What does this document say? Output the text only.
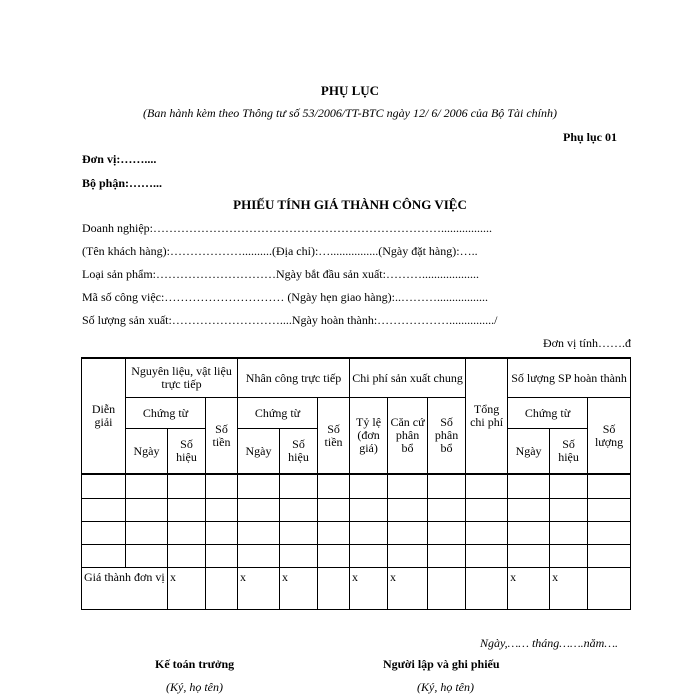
PHỤ LỤC
(Ban hành kèm theo Thông tư số 53/2006/TT-BTC ngày 12/ 6/ 2006 của Bộ Tài chính)
Phụ lục 01
Đơn vị:……....
Bộ phận:……...
PHIẾU TÍNH GIÁ THÀNH CÔNG VIỆC
Doanh nghiệp:……………………………………………………………….................
(Tên khách hàng):………………..........(Địa chỉ):…................(Ngày đặt hàng):…..
Loại sản phẩm:…………………………Ngày bắt đầu sản xuất:………...................
Mã số công việc:………………………… (Ngày hẹn giao hàng):..……….................
Số lượng sản xuất:………………………....Ngày hoàn thành:……………….............../
Đơn vị tính…….đ
Diễn giải	Nguyên liệu, vật liệu trực tiếp			Nhân công trực tiếp			Chi phí sản xuất chung			Tổng chi phí	Số lượng SP hoàn thành		
	Chứng từ		Số tiền	Chứng từ		Số tiền	Tỷ lệ (đơn giá)	Căn cứ phân bổ	Số phân bổ		Chứng từ		Số lượng
	Ngày	Số hiệu		Ngày	Số hiệu						Ngày	Số hiệu	

Giá thành đơn vị		x		x	x		x	x			x	x	
Ngày,…… tháng…….năm….
Kế toán trưởng
(Ký, họ tên)
Người lập và ghi phiếu
(Ký, họ tên)
